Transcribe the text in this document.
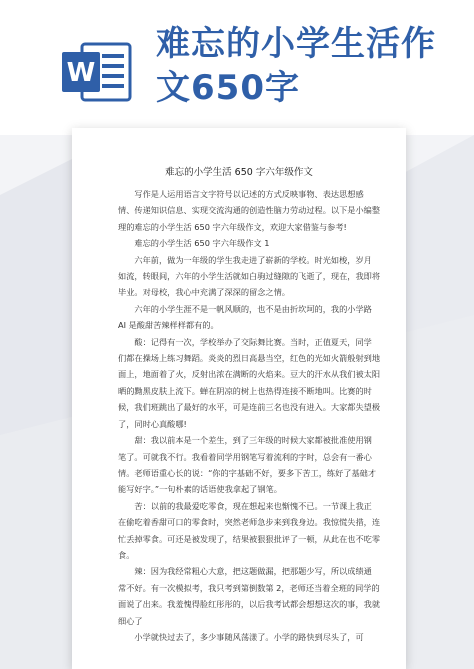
W
难忘的小学生活作
文650字
难忘的小学生活 650 字六年级作文

写作是人运用语言文字符号以记述的方式反映事物、表达思想感情、传递知识信息、实现交流沟通的创造性脑力劳动过程。以下是小编整理的难忘的小学生活 650 字六年级作文，欢迎大家借鉴与参考!

难忘的小学生活 650 字六年级作文 1

六年前，做为一年级的学生我走进了崭新的学校。时光如梭，岁月如流，转眼间，六年的小学生活就如白驹过缝隙的飞逝了，现在，我即将毕业。对母校，我心中充满了深深的留念之情。

六年的小学生涯不是一帆风顺的，也不是由折坎坷的，我的小学路 AI 是酸甜苦辣样样都有的。

酸：记得有一次，学校举办了交际舞比赛。当时，正值夏天，同学们都在操场上练习舞蹈。炎炎的烈日高悬当空，红色的光如火箭般射到地面上，地面着了火，反射出浓在满断的火焰来。豆大的汗水从我们被太阳晒的黝黑皮肤上流下。蝉在阴凉的树上也热得连接不断地叫。比赛的时候，我们班跳出了最好的水平，可是连前三名也没有进入。大家都失望极了，同时心真酸哪!

甜：我以前本是一个差生，到了三年级的时候大家都被批准使用钢笔了。可就我不行。我看着同学用钢笔写着流利的字时，总会有一番心情。老师语重心长的说：“你的字基础不好，要多下苦工，练好了基础才能写好字。”一句朴素的话语使我拿起了钢笔。

苦：以前的我最爱吃零食，现在想起来也惭愧不已。一节课上我正在偷吃着香甜可口的零食时，突然老师急步来到我身边。我惊慌失措，连忙丢掉零食。可还是被发现了，结果被狠狠批评了一顿，从此在也不吃零食。

辣：因为我经常粗心大意，把这题做漏，把那题少写，所以成绩通常不好。有一次模拟考，我只考到第倒数第 2，老师还当着全班的同学的面说了出来。我羞愧得脸红彤彤的，以后我考试都会想想这次的事，我就细心了

小学就快过去了，多少事随风荡漾了。小学的路快到尽头了，可
